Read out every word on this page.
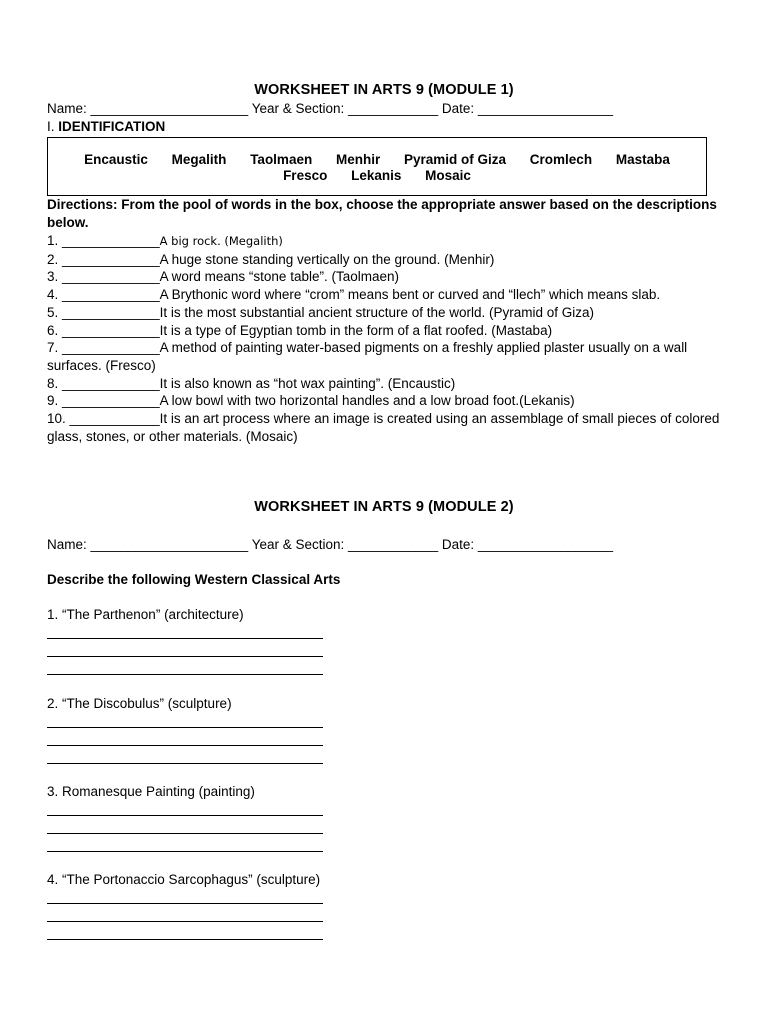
WORKSHEET IN ARTS 9 (MODULE 1)
Name: _____________________ Year & Section: ____________ Date: __________________
I. IDENTIFICATION
Encaustic Megalith Taolmaen Menhir Pyramid of Giza Cromlech Mastaba
Fresco Lekanis Mosaic
Directions: From the pool of words in the box, choose the appropriate answer based on the descriptions below.
1. _____________A big rock. (Megalith)
2. _____________A huge stone standing vertically on the ground. (Menhir)
3. _____________A word means “stone table”. (Taolmaen)
4. _____________A Brythonic word where “crom” means bent or curved and “llech” which means slab.
5. _____________It is the most substantial ancient structure of the world. (Pyramid of Giza)
6. _____________It is a type of Egyptian tomb in the form of a flat roofed. (Mastaba)
7. _____________A method of painting water-based pigments on a freshly applied plaster usually on a wall surfaces. (Fresco)
8. _____________It is also known as “hot wax painting”. (Encaustic)
9. _____________A low bowl with two horizontal handles and a low broad foot.(Lekanis)
10. ____________It is an art process where an image is created using an assemblage of small pieces of colored glass, stones, or other materials. (Mosaic)
WORKSHEET IN ARTS 9 (MODULE 2)
Name: _____________________ Year & Section: ____________ Date: __________________
Describe the following Western Classical Arts
1. “The Parthenon” (architecture)
2. “The Discobulus” (sculpture)
3. Romanesque Painting (painting)
4. “The Portonaccio Sarcophagus” (sculpture)
